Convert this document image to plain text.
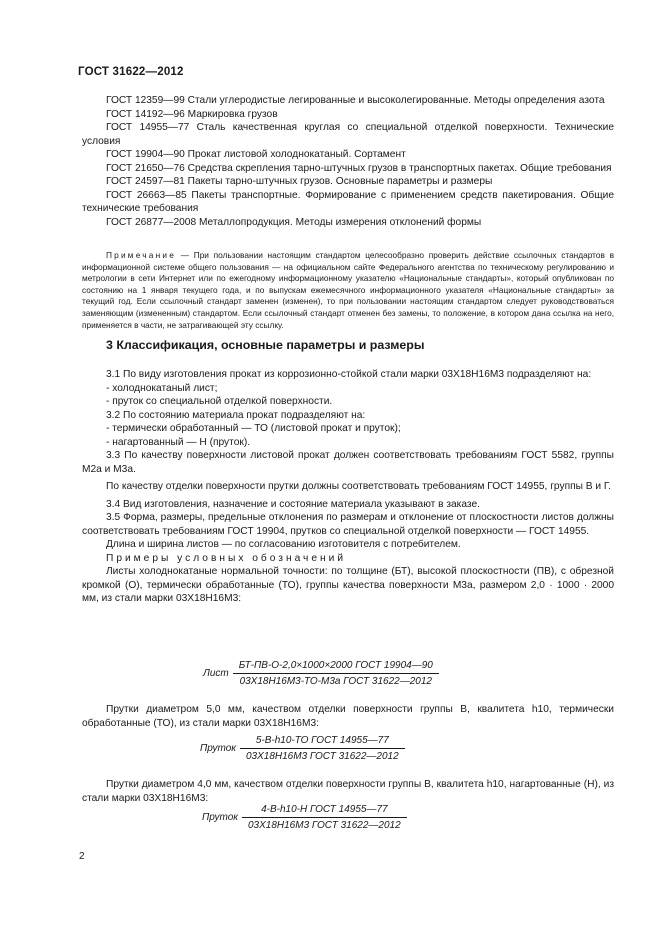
ГОСТ 31622—2012
ГОСТ 12359—99 Стали углеродистые легированные и высоколегированные. Методы определения азота
ГОСТ 14192—96 Маркировка грузов
ГОСТ 14955—77 Сталь качественная круглая со специальной отделкой поверхности. Технические условия
ГОСТ 19904—90 Прокат листовой холоднокатаный. Сортамент
ГОСТ 21650—76 Средства скрепления тарно-штучных грузов в транспортных пакетах. Общие требования
ГОСТ 24597—81 Пакеты тарно-штучных грузов. Основные параметры и размеры
ГОСТ 26663—85 Пакеты транспортные. Формирование с применением средств пакетирования. Общие технические требования
ГОСТ 26877—2008 Металлопродукция. Методы измерения отклонений формы
Примечание — При пользовании настоящим стандартом целесообразно проверить действие ссылочных стандартов в информационной системе общего пользования — на официальном сайте Федерального агентства по техническому регулированию и метрологии в сети Интернет или по ежегодному информационному указателю «Национальные стандарты», который опубликован по состоянию на 1 января текущего года, и по выпускам ежемесячного информационного указателя «Национальные стандарты» за текущий год. Если ссылочный стандарт заменен (изменен), то при пользовании настоящим стандартом следует руководствоваться заменяющим (измененным) стандартом. Если ссылочный стандарт отменен без замены, то положение, в котором дана ссылка на него, применяется в части, не затрагивающей эту ссылку.
3 Классификация, основные параметры и размеры
3.1 По виду изготовления прокат из коррозионно-стойкой стали марки 03Х18Н16М3 подразделяют на:
- холоднокатаный лист;
- пруток со специальной отделкой поверхности.
3.2 По состоянию материала прокат подразделяют на:
- термически обработанный — ТО (листовой прокат и пруток);
- нагартованный — Н (пруток).
3.3 По качеству поверхности листовой прокат должен соответствовать требованиям ГОСТ 5582, группы М2а и М3а.
По качеству отделки поверхности прутки должны соответствовать требованиям ГОСТ 14955, группы В и Г.
3.4 Вид изготовления, назначение и состояние материала указывают в заказе.
3.5 Форма, размеры, предельные отклонения по размерам и отклонение от плоскостности листов должны соответствовать требованиям ГОСТ 19904, прутков со специальной отделкой поверхности — ГОСТ 14955.
Длина и ширина листов — по согласованию изготовителя с потребителем.
Примеры условных обозначений
Листы холоднокатаные нормальной точности: по толщине (БТ), высокой плоскостности (ПВ), с обрезной кромкой (О), термически обработанные (ТО), группы качества поверхности М3а, размером 2,0 · 1000 · 2000 мм, из стали марки 03Х18Н16М3:
Лист $\frac{\text{БТ-ПВ-О-2,0×1000×2000 ГОСТ 19904—90}}{\text{03Х18Н16М3-ТО-М3а ГОСТ 31622—2012}}$
Прутки диаметром 5,0 мм, качеством отделки поверхности группы В, квалитета h10, термически обработанные (ТО), из стали марки 03Х18Н16М3:
Пруток $\frac{\text{5-В-h10-ТО ГОСТ 14955—77}}{\text{03Х18Н16М3 ГОСТ 31622—2012}}$
Прутки диаметром 4,0 мм, качеством отделки поверхности группы В, квалитета h10, нагартованные (Н), из стали марки 03Х18Н16М3:
Пруток $\frac{\text{4-В-h10-Н ГОСТ 14955—77}}{\text{03Х18Н16М3 ГОСТ 31622—2012}}$
2
